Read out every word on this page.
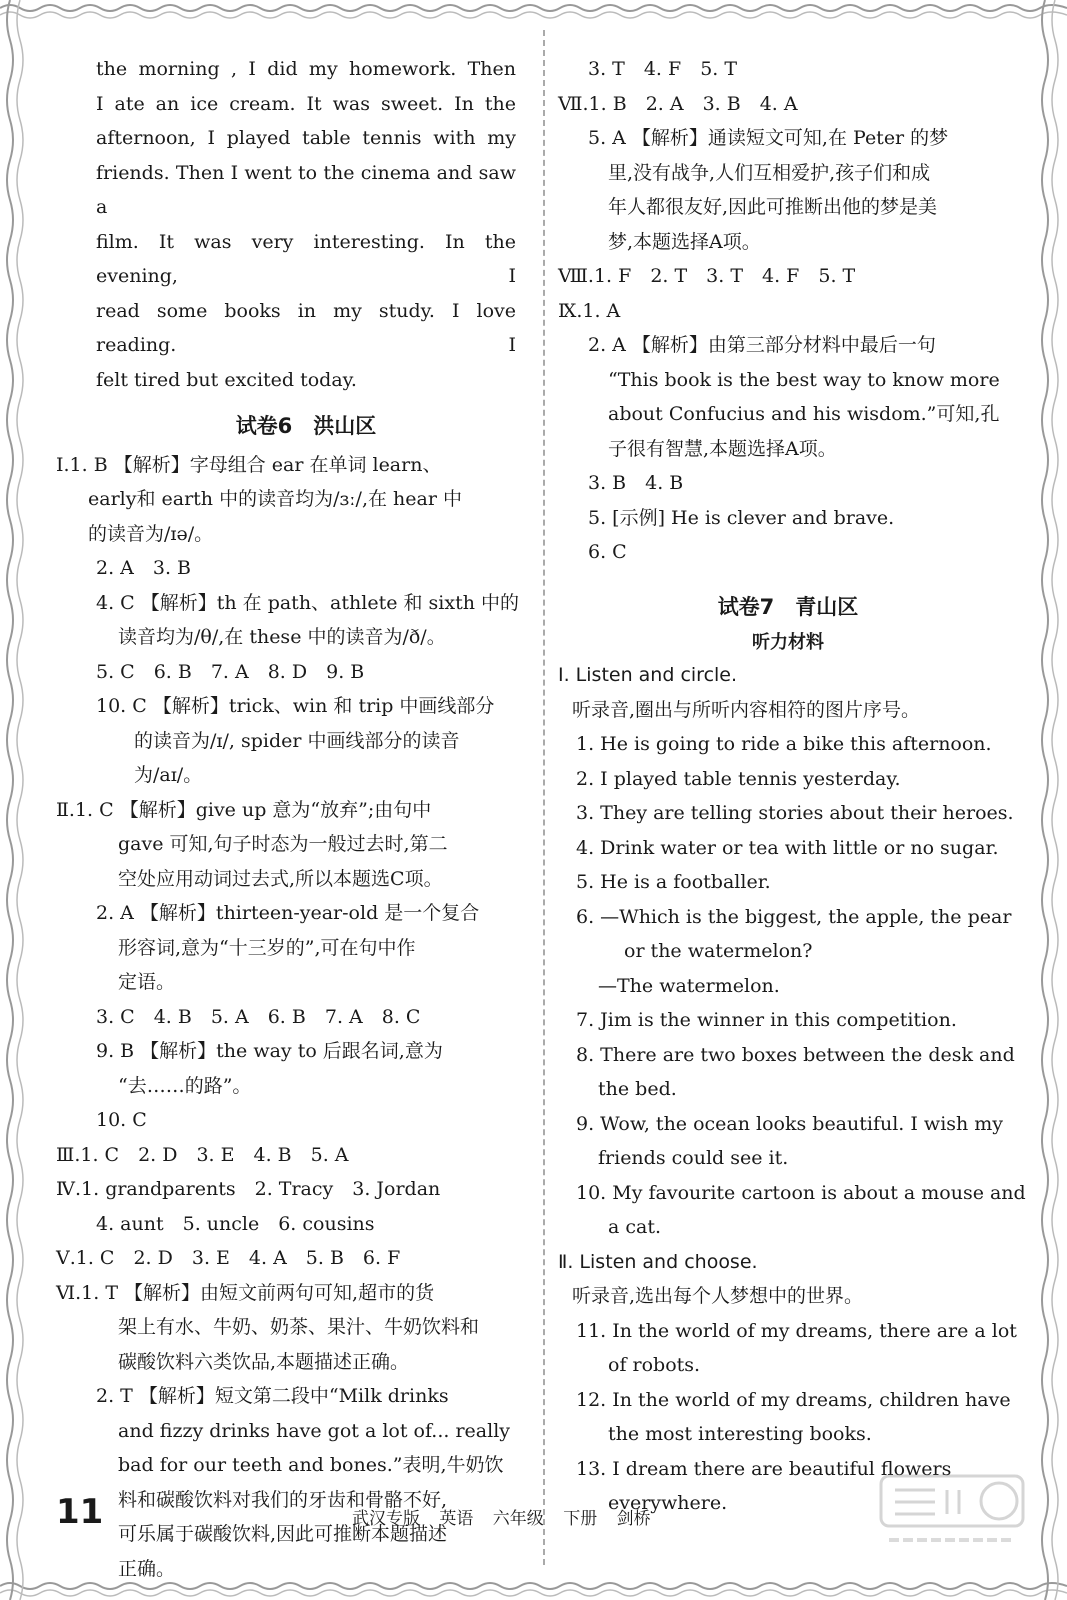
the morning , I did my homework. Then
I ate an ice cream. It was sweet. In the
afternoon, I played table tennis with my
friends. Then I went to the cinema and saw a
film. It was very interesting. In the evening, I
read some books in my study. I love reading. I
felt tired but excited today.
试卷6　洪山区
Ⅰ.1. B 【解析】字母组合 ear 在单词 learn、
early和 earth 中的读音均为/ɜː/,在 hear 中
的读音为/ɪə/。
2. A　3. B
4. C 【解析】th 在 path、athlete 和 sixth 中的
读音均为/θ/,在 these 中的读音为/ð/。
5. C　6. B　7. A　8. D　9. B
10. C 【解析】trick、win 和 trip 中画线部分
的读音为/ɪ/, spider 中画线部分的读音
为/aɪ/。
Ⅱ.1. C 【解析】give up 意为“放弃”;由句中
gave 可知,句子时态为一般过去时,第二
空处应用动词过去式,所以本题选C项。
2. A 【解析】thirteen-year-old 是一个复合
形容词,意为“十三岁的”,可在句中作
定语。
3. C　4. B　5. A　6. B　7. A　8. C
9. B 【解析】the way to 后跟名词,意为
“去……的路”。
10. C
Ⅲ.1. C　2. D　3. E　4. B　5. A
Ⅳ.1. grandparents　2. Tracy　3. Jordan
4. aunt　5. uncle　6. cousins
Ⅴ.1. C　2. D　3. E　4. A　5. B　6. F
Ⅵ.1. T 【解析】由短文前两句可知,超市的货
架上有水、牛奶、奶茶、果汁、牛奶饮料和
碳酸饮料六类饮品,本题描述正确。
2. T 【解析】短文第二段中“Milk drinks
and fizzy drinks have got a lot of... really
bad for our teeth and bones.”表明,牛奶饮
料和碳酸饮料对我们的牙齿和骨骼不好,
可乐属于碳酸饮料,因此可推断本题描述
正确。
3. T　4. F　5. T
Ⅶ.1. B　2. A　3. B　4. A
5. A 【解析】通读短文可知,在 Peter 的梦
里,没有战争,人们互相爱护,孩子们和成
年人都很友好,因此可推断出他的梦是美
梦,本题选择A项。
Ⅷ.1. F　2. T　3. T　4. F　5. T
Ⅸ.1. A
2. A 【解析】由第三部分材料中最后一句
“This book is the best way to know more
about Confucius and his wisdom.”可知,孔
子很有智慧,本题选择A项。
3. B　4. B
5. [示例] He is clever and brave.
6. C
试卷7　青山区
听力材料
Ⅰ. Listen and circle.
听录音,圈出与所听内容相符的图片序号。
1. He is going to ride a bike this afternoon.
2. I played table tennis yesterday.
3. They are telling stories about their heroes.
4. Drink water or tea with little or no sugar.
5. He is a footballer.
6. —Which is the biggest, the apple, the pear
or the watermelon?
—The watermelon.
7. Jim is the winner in this competition.
8. There are two boxes between the desk and
the bed.
9. Wow, the ocean looks beautiful. I wish my
friends could see it.
10. My favourite cartoon is about a mouse and
a cat.
Ⅱ. Listen and choose.
听录音,选出每个人梦想中的世界。
11. In the world of my dreams, there are a lot
of robots.
12. In the world of my dreams, children have
the most interesting books.
13. I dream there are beautiful flowers
everywhere.
11	武汉专版 英语 六年级 下册 剑桥
